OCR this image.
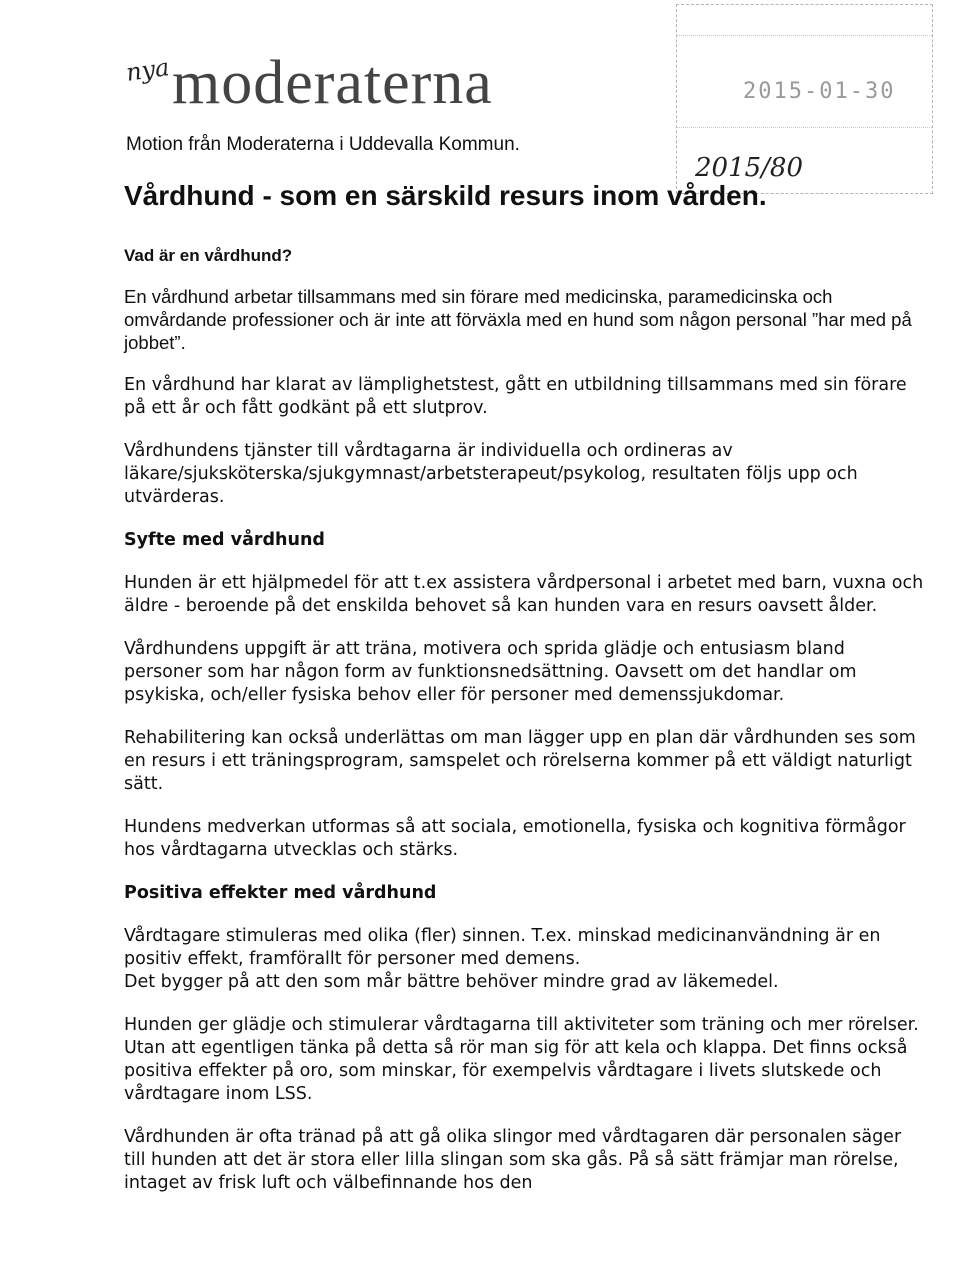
nya moderaterna	2015-01-30
2015/80
Motion från Moderaterna i Uddevalla Kommun.
Vårdhund - som en särskild resurs inom vården.
Vad är en vårdhund?

En vårdhund arbetar tillsammans med sin förare med medicinska, paramedicinska och omvårdande professioner och är inte att förväxla med en hund som någon personal ”har med på jobbet”.

En vårdhund har klarat av lämplighetstest, gått en utbildning tillsammans med sin förare på ett år och fått godkänt på ett slutprov.

Vårdhundens tjänster till vårdtagarna är individuella och ordineras av läkare/sjuksköterska/sjukgymnast/arbetsterapeut/psykolog, resultaten följs upp och utvärderas.

Syfte med vårdhund

Hunden är ett hjälpmedel för att t.ex assistera vårdpersonal i arbetet med barn, vuxna och äldre - beroende på det enskilda behovet så kan hunden vara en resurs oavsett ålder.

Vårdhundens uppgift är att träna, motivera och sprida glädje och entusiasm bland personer som har någon form av funktionsnedsättning. Oavsett om det handlar om psykiska, och/eller fysiska behov eller för personer med demenssjukdomar.

Rehabilitering kan också underlättas om man lägger upp en plan där vårdhunden ses som en resurs i ett träningsprogram, samspelet och rörelserna kommer på ett väldigt naturligt sätt.

Hundens medverkan utformas så att sociala, emotionella, fysiska och kognitiva förmågor hos vårdtagarna utvecklas och stärks.

Positiva effekter med vårdhund

Vårdtagare stimuleras med olika (fler) sinnen. T.ex. minskad medicinanvändning är en positiv effekt, framförallt för personer med demens.

Det bygger på att den som mår bättre behöver mindre grad av läkemedel.

Hunden ger glädje och stimulerar vårdtagarna till aktiviteter som träning och mer rörelser. Utan att egentligen tänka på detta så rör man sig för att kela och klappa. Det finns också positiva effekter på oro, som minskar, för exempelvis vårdtagare i livets slutskede och vårdtagare inom LSS.

Vårdhunden är ofta tränad på att gå olika slingor med vårdtagaren där personalen säger till hunden att det är stora eller lilla slingan som ska gås. På så sätt främjar man rörelse, intaget av frisk luft och välbefinnande hos den
